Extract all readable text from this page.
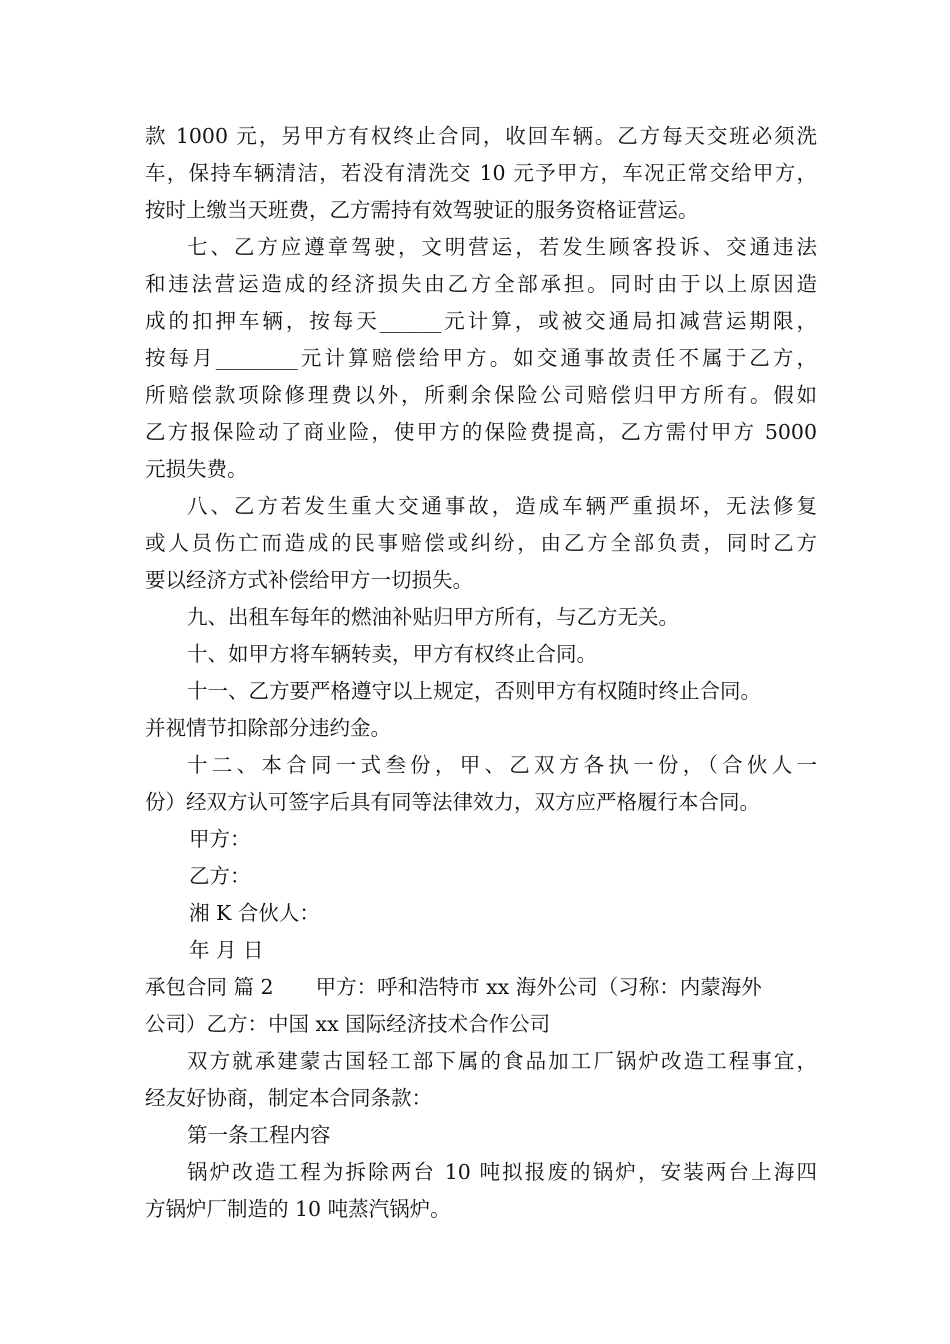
款 1000 元，另甲方有权终止合同，收回车辆。乙方每天交班必须洗
车，保持车辆清洁，若没有清洗交 10 元予甲方，车况正常交给甲方，
按时上缴当天班费，乙方需持有效驾驶证的服务资格证营运。
七、乙方应遵章驾驶，文明营运，若发生顾客投诉、交通违法
和违法营运造成的经济损失由乙方全部承担。同时由于以上原因造
成的扣押车辆，按每天______元计算，或被交通局扣减营运期限，
按每月________元计算赔偿给甲方。如交通事故责任不属于乙方，
所赔偿款项除修理费以外，所剩余保险公司赔偿归甲方所有。假如
乙方报保险动了商业险，使甲方的保险费提高，乙方需付甲方 5000
元损失费。
八、乙方若发生重大交通事故，造成车辆严重损坏，无法修复
或人员伤亡而造成的民事赔偿或纠纷，由乙方全部负责，同时乙方
要以经济方式补偿给甲方一切损失。
九、出租车每年的燃油补贴归甲方所有，与乙方无关。
十、如甲方将车辆转卖，甲方有权终止合同。
十一、乙方要严格遵守以上规定，否则甲方有权随时终止合同。
并视情节扣除部分违约金。
十二、本合同一式叁份，甲、乙双方各执一份，（合伙人一
份）经双方认可签字后具有同等法律效力，双方应严格履行本合同。
甲方：
乙方：
湘 K 合伙人：
年 月 日
承包合同 篇 2 甲方：呼和浩特市 xx 海外公司（习称：内蒙海外
公司）乙方：中国 xx 国际经济技术合作公司
双方就承建蒙古国轻工部下属的食品加工厂锅炉改造工程事宜，
经友好协商，制定本合同条款：
第一条工程内容
锅炉改造工程为拆除两台 10 吨拟报废的锅炉，安装两台上海四
方锅炉厂制造的 10 吨蒸汽锅炉。
